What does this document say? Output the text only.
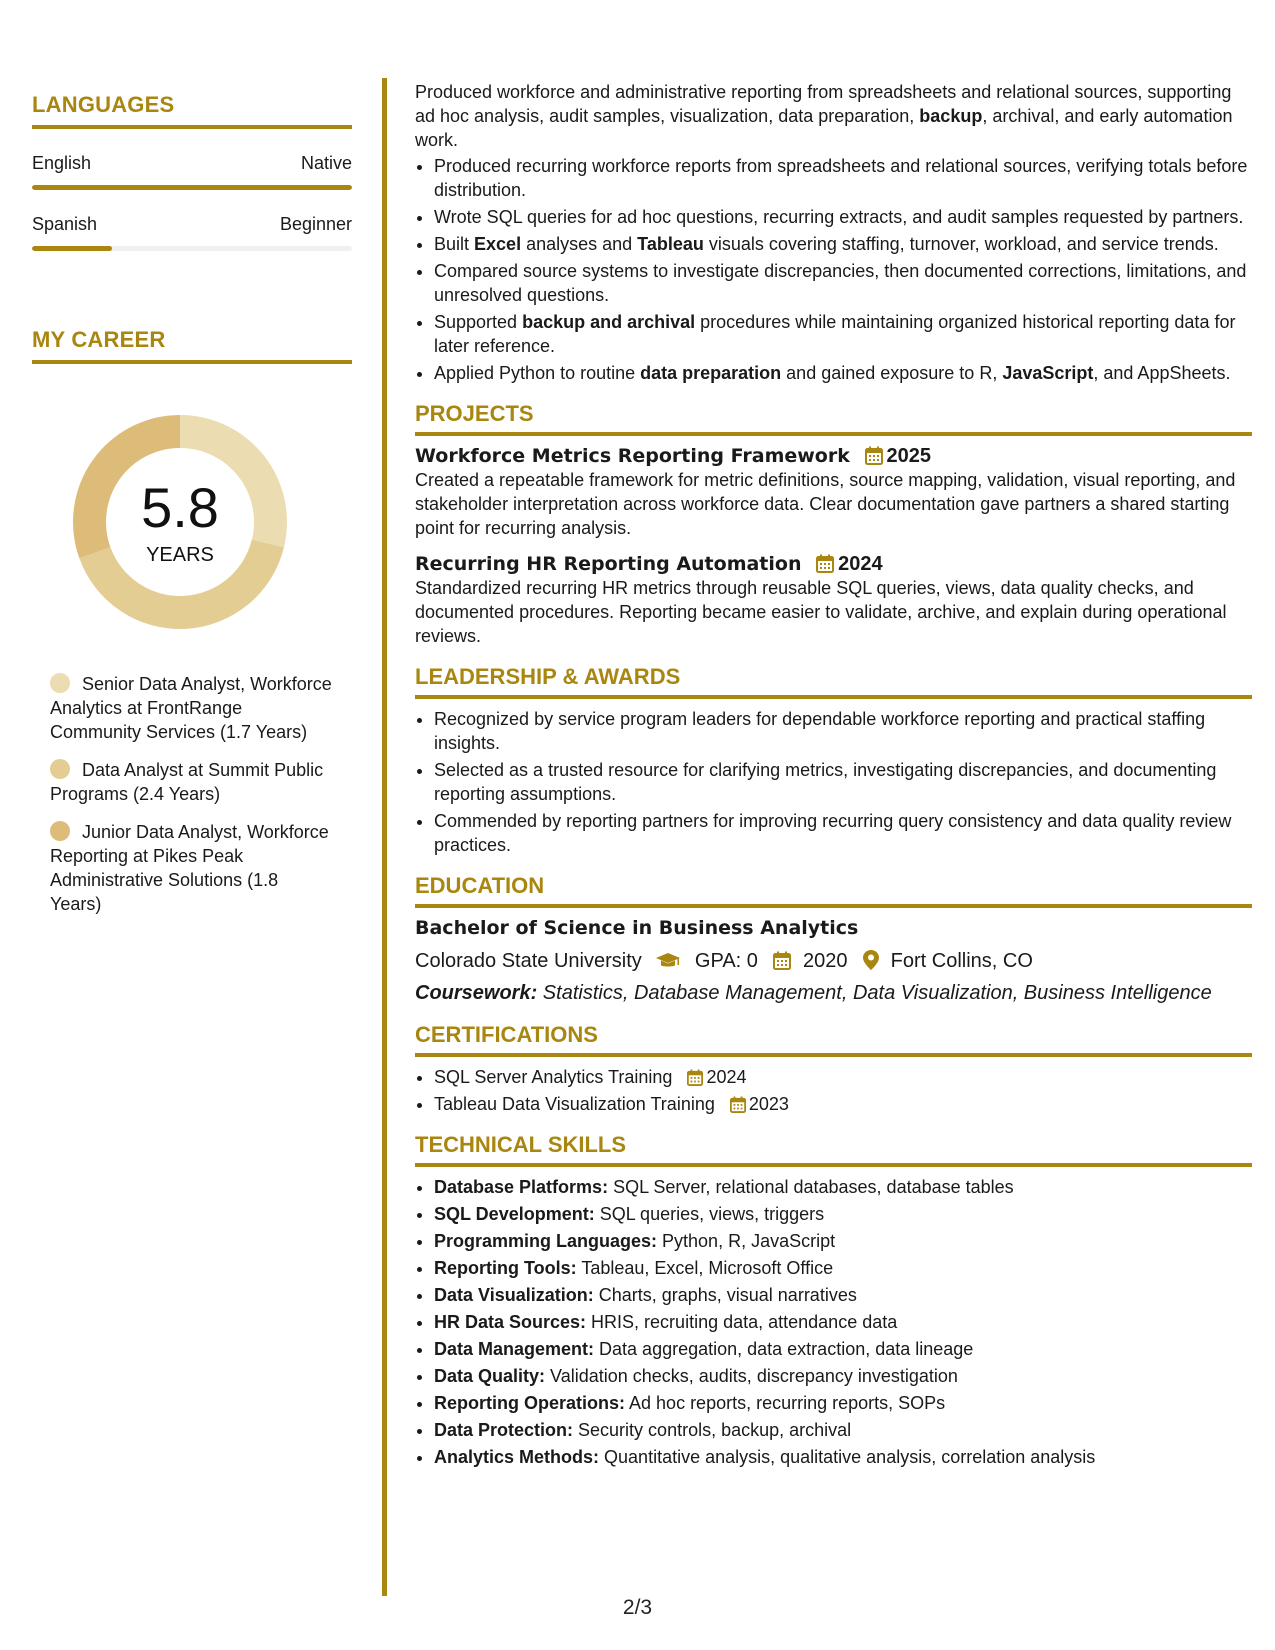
LANGUAGES
English	Native
Spanish	Beginner
MY CAREER
5.8
YEARS
Senior Data Analyst, Workforce Analytics at FrontRange Community Services (1.7 Years)
Data Analyst at Summit Public Programs (2.4 Years)
Junior Data Analyst, Workforce Reporting at Pikes Peak Administrative Solutions (1.8 Years)

Produced workforce and administrative reporting from spreadsheets and relational sources, supporting ad hoc analysis, audit samples, visualization, data preparation, backup, archival, and early automation work.

• Produced recurring workforce reports from spreadsheets and relational sources, verifying totals before distribution.
• Wrote SQL queries for ad hoc questions, recurring extracts, and audit samples requested by partners.
• Built Excel analyses and Tableau visuals covering staffing, turnover, workload, and service trends.
• Compared source systems to investigate discrepancies, then documented corrections, limitations, and unresolved questions.
• Supported backup and archival procedures while maintaining organized historical reporting data for later reference.
• Applied Python to routine data preparation and gained exposure to R, JavaScript, and AppSheets.
PROJECTS
Workforce Metrics Reporting Framework 2025

Created a repeatable framework for metric definitions, source mapping, validation, visual reporting, and stakeholder interpretation across workforce data. Clear documentation gave partners a shared starting point for recurring analysis.

Recurring HR Reporting Automation 2024

Standardized recurring HR metrics through reusable SQL queries, views, data quality checks, and documented procedures. Reporting became easier to validate, archive, and explain during operational reviews.

LEADERSHIP & AWARDS
• Recognized by service program leaders for dependable workforce reporting and practical staffing insights.
• Selected as a trusted resource for clarifying metrics, investigating discrepancies, and documenting reporting assumptions.
• Commended by reporting partners for improving recurring query consistency and data quality review practices.
EDUCATION
Bachelor of Science in Business Analytics
Colorado State University	GPA: 0 2020 Fort Collins, CO
Coursework: Statistics, Database Management, Data Visualization, Business Intelligence
CERTIFICATIONS
• SQL Server Analytics Training 2024
• Tableau Data Visualization Training 2023
TECHNICAL SKILLS
• Database Platforms: SQL Server, relational databases, database tables
• SQL Development: SQL queries, views, triggers
• Programming Languages: Python, R, JavaScript
• Reporting Tools: Tableau, Excel, Microsoft Office
• Data Visualization: Charts, graphs, visual narratives
• HR Data Sources: HRIS, recruiting data, attendance data
• Data Management: Data aggregation, data extraction, data lineage
• Data Quality: Validation checks, audits, discrepancy investigation
• Reporting Operations: Ad hoc reports, recurring reports, SOPs
• Data Protection: Security controls, backup, archival
• Analytics Methods: Quantitative analysis, qualitative analysis, correlation analysis
2/3
